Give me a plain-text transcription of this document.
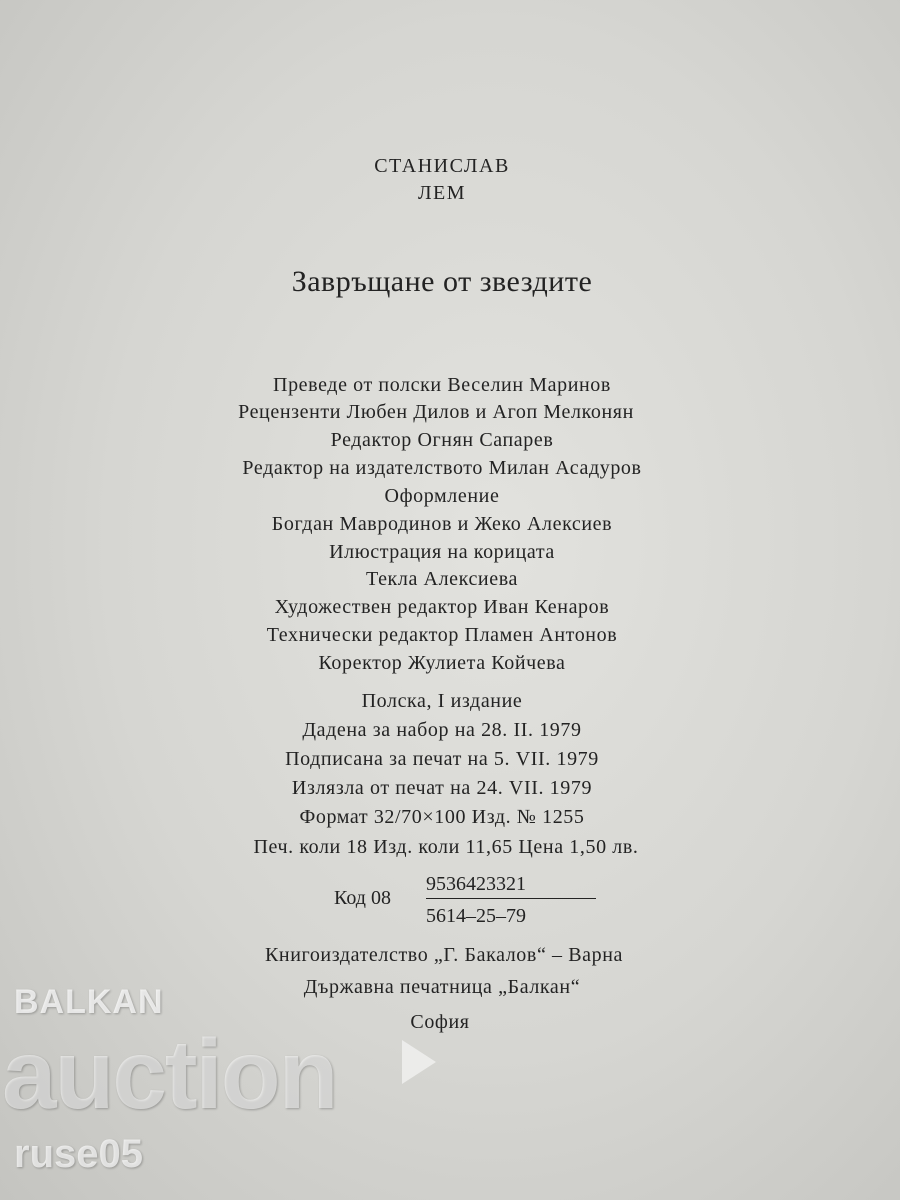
СТАНИСЛАВ
ЛЕМ
Завръщане от звездите
Преведе от полски Веселин Маринов
Рецензенти Любен Дилов и Агоп Мелконян
Редактор Огнян Сапарев
Редактор на издателството Милан Асадуров
Оформление
Богдан Мавродинов и Жеко Алексиев
Илюстрация на корицата
Текла Алексиева
Художествен редактор Иван Кенаров
Технически редактор Пламен Антонов
Коректор Жулиета Койчева
Полска, I издание
Дадена за набор на 28. II. 1979
Подписана за печат на 5. VII. 1979
Излязла от печат на 24. VII. 1979
Формат 32/70×100 Изд. № 1255
Печ. коли 18 Изд. коли 11,65 Цена 1,50 лв.
Код 08
9536423321
5614–25–79
Книгоиздателство „Г. Бакалов“ – Варна
Държавна печатница „Балкан“
София
BALKAN
auction
ruse05
